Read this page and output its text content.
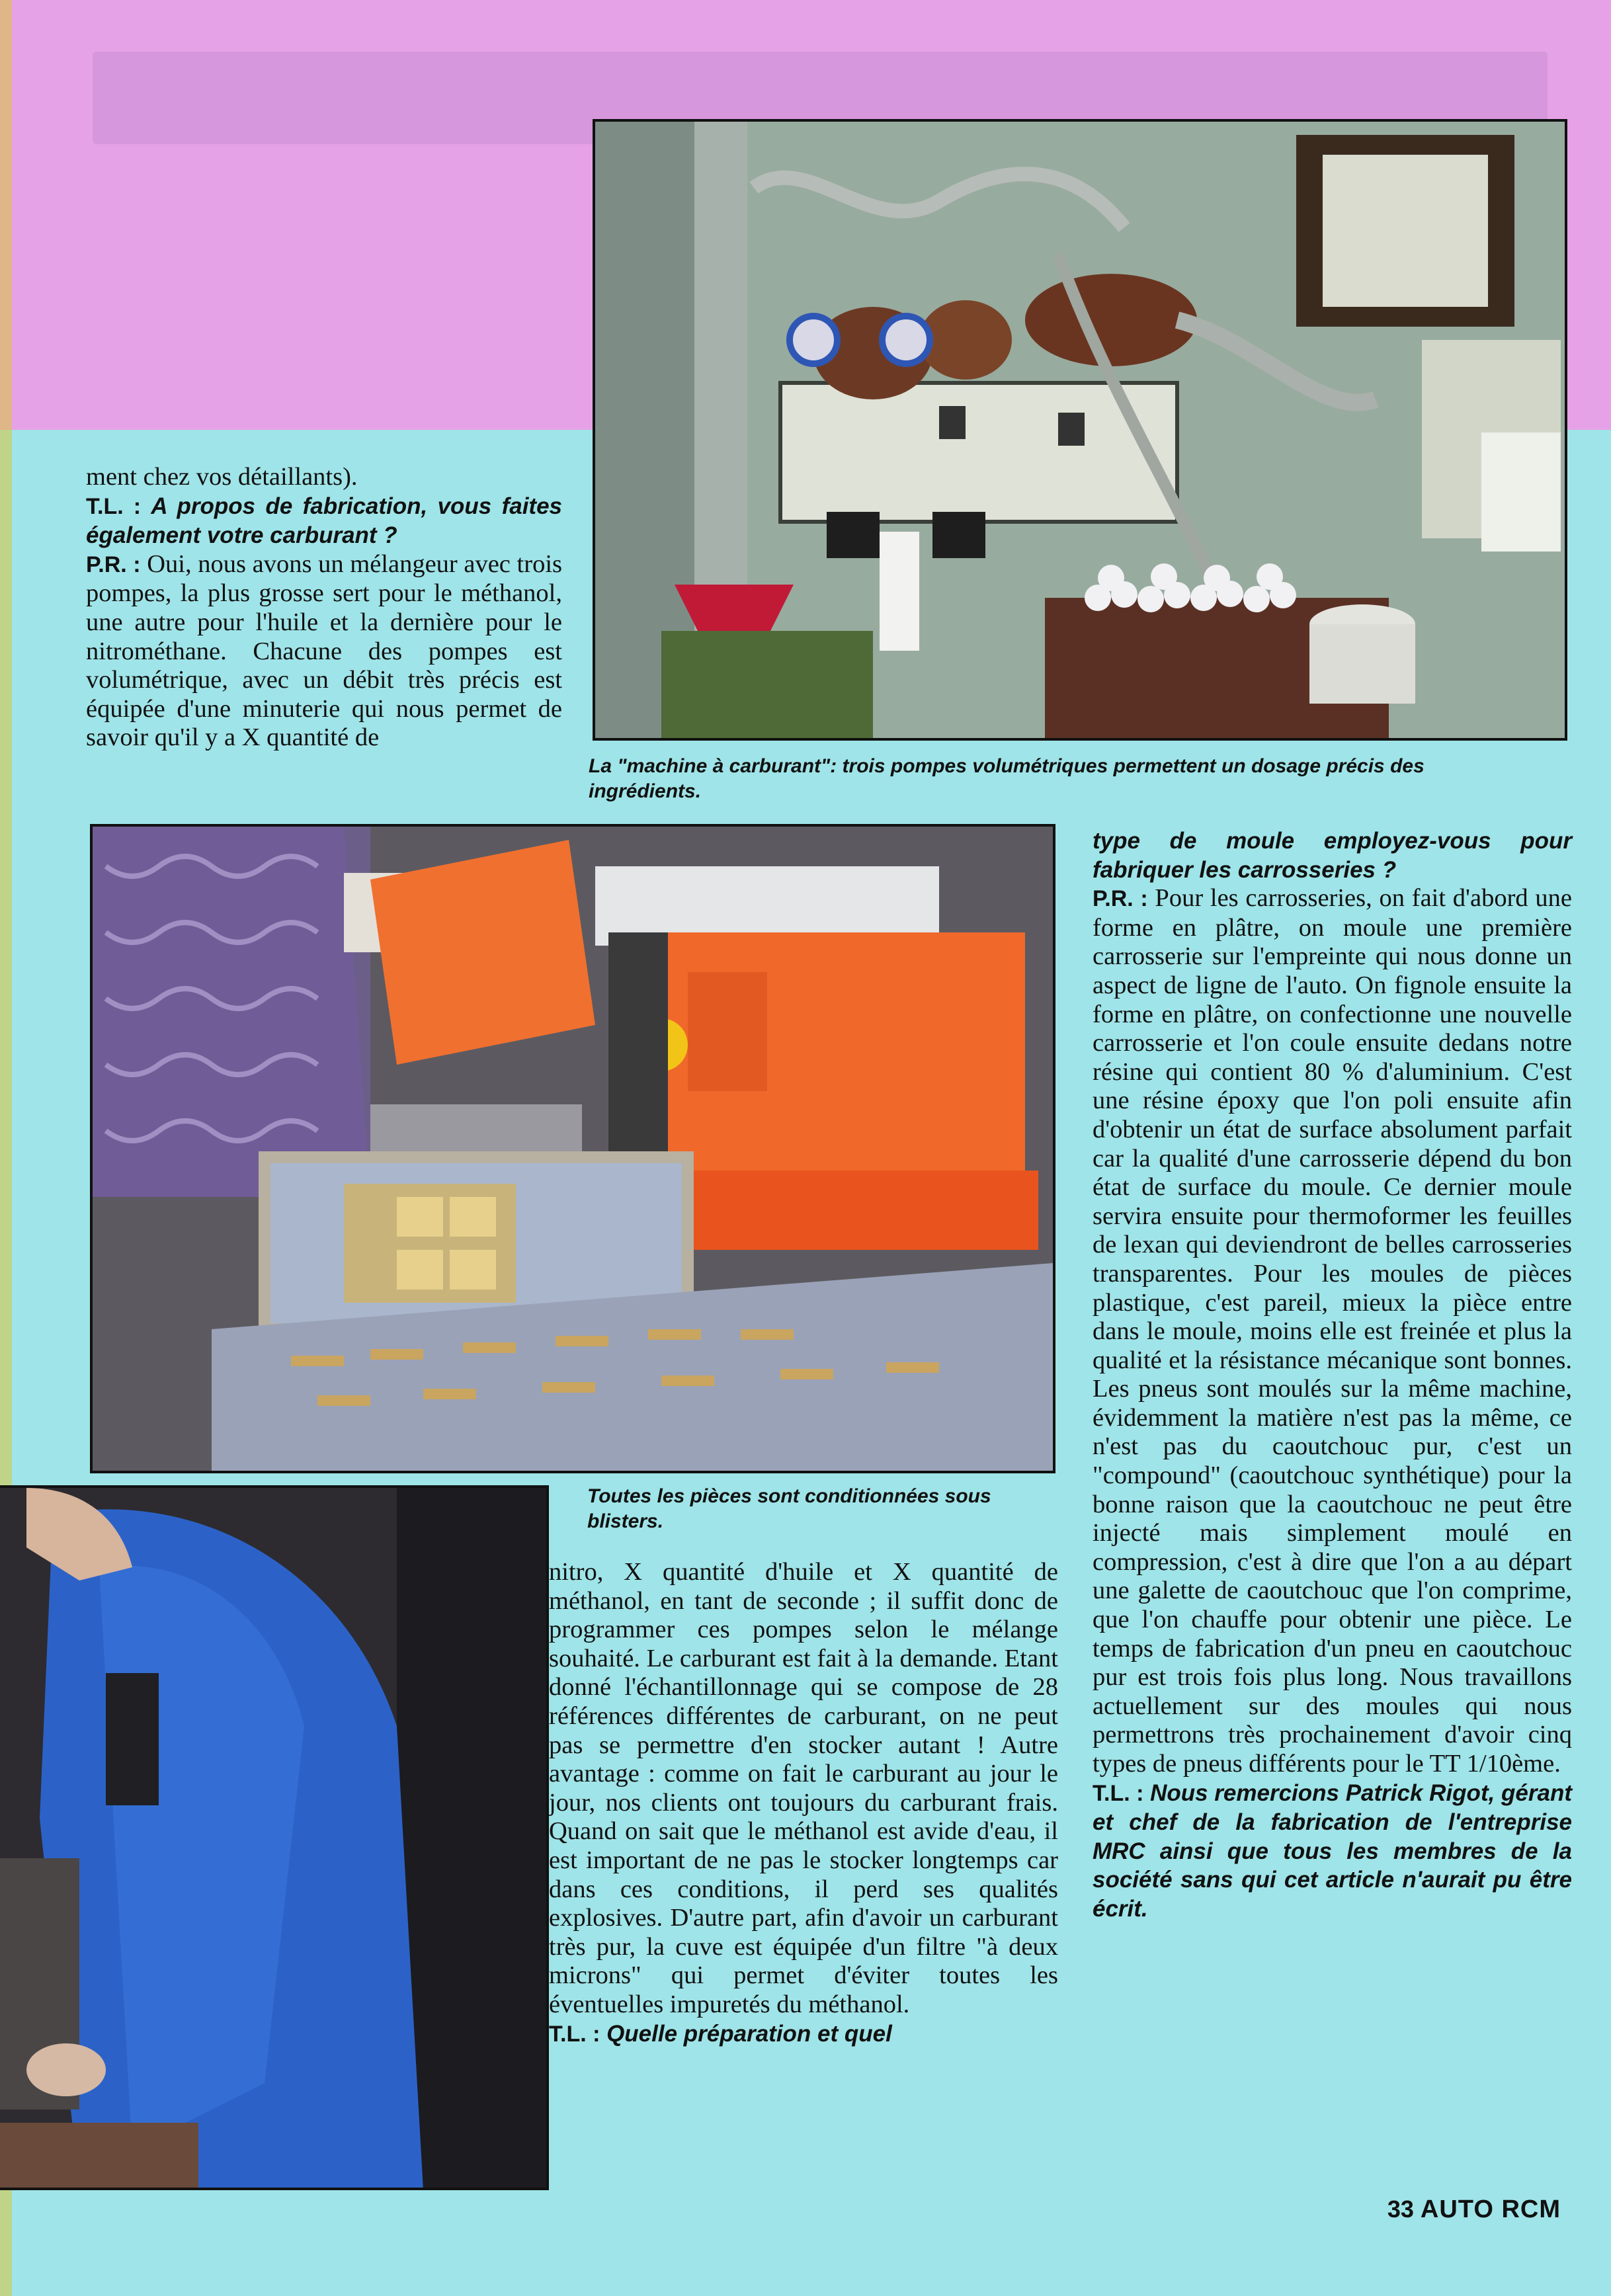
La "machine à carburant": trois pompes volumétriques permettent un dosage précis des ingrédients.
Toutes les pièces sont conditionnées sous blisters.

ment chez vos détaillants).
T.L. : A propos de fabrication, vous faites également votre carburant ?
P.R. : Oui, nous avons un mélangeur avec trois pompes, la plus grosse sert pour le méthanol, une autre pour l'huile et la dernière pour le nitrométhane. Chacune des pompes est volumétrique, avec un débit très précis est équipée d'une minuterie qui nous permet de savoir qu'il y a X quantité de

nitro, X quantité d'huile et X quantité de méthanol, en tant de seconde ; il suffit donc de programmer ces pompes selon le mélange souhaité. Le carburant est fait à la demande. Etant donné l'échantillonnage qui se compose de 28 références différentes de carburant, on ne peut pas se permettre d'en stocker autant ! Autre avantage : comme on fait le carburant au jour le jour, nos clients ont toujours du carburant frais. Quand on sait que le méthanol est avide d'eau, il est important de ne pas le stocker longtemps car dans ces conditions, il perd ses qualités explosives. D'autre part, afin d'avoir un carburant très pur, la cuve est équipée d'un filtre "à deux microns" qui permet d'éviter toutes les éventuelles impuretés du méthanol.
T.L. : Quelle préparation et quel

type de moule employez-vous pour fabriquer les carrosseries ?
P.R. : Pour les carrosseries, on fait d'abord une forme en plâtre, on moule une première carrosserie sur l'empreinte qui nous donne un aspect de ligne de l'auto. On fignole ensuite la forme en plâtre, on confectionne une nouvelle carrosserie et l'on coule ensuite dedans notre résine qui contient 80 % d'aluminium. C'est une résine époxy que l'on poli ensuite afin d'obtenir un état de surface absolument parfait car la qualité d'une carrosserie dépend du bon état de surface du moule. Ce dernier moule servira ensuite pour thermoformer les feuilles de lexan qui deviendront de belles carrosseries transparentes. Pour les moules de pièces plastique, c'est pareil, mieux la pièce entre dans le moule, moins elle est freinée et plus la qualité et la résistance mécanique sont bonnes. Les pneus sont moulés sur la même machine, évidemment la matière n'est pas la même, ce n'est pas du caoutchouc pur, c'est un "compound" (caoutchouc synthétique) pour la bonne raison que la caoutchouc ne peut être injecté mais simplement moulé en compression, c'est à dire que l'on a au départ une galette de caoutchouc que l'on comprime, que l'on chauffe pour obtenir une pièce. Le temps de fabrication d'un pneu en caoutchouc pur est trois fois plus long. Nous travaillons actuellement sur des moules qui nous permettrons très prochainement d'avoir cinq types de pneus différents pour le TT 1/10ème.
T.L. : Nous remercions Patrick Rigot, gérant et chef de la fabrication de l'entreprise MRC ainsi que tous les membres de la société sans qui cet article n'aurait pu être écrit.

33 AUTO RCM
